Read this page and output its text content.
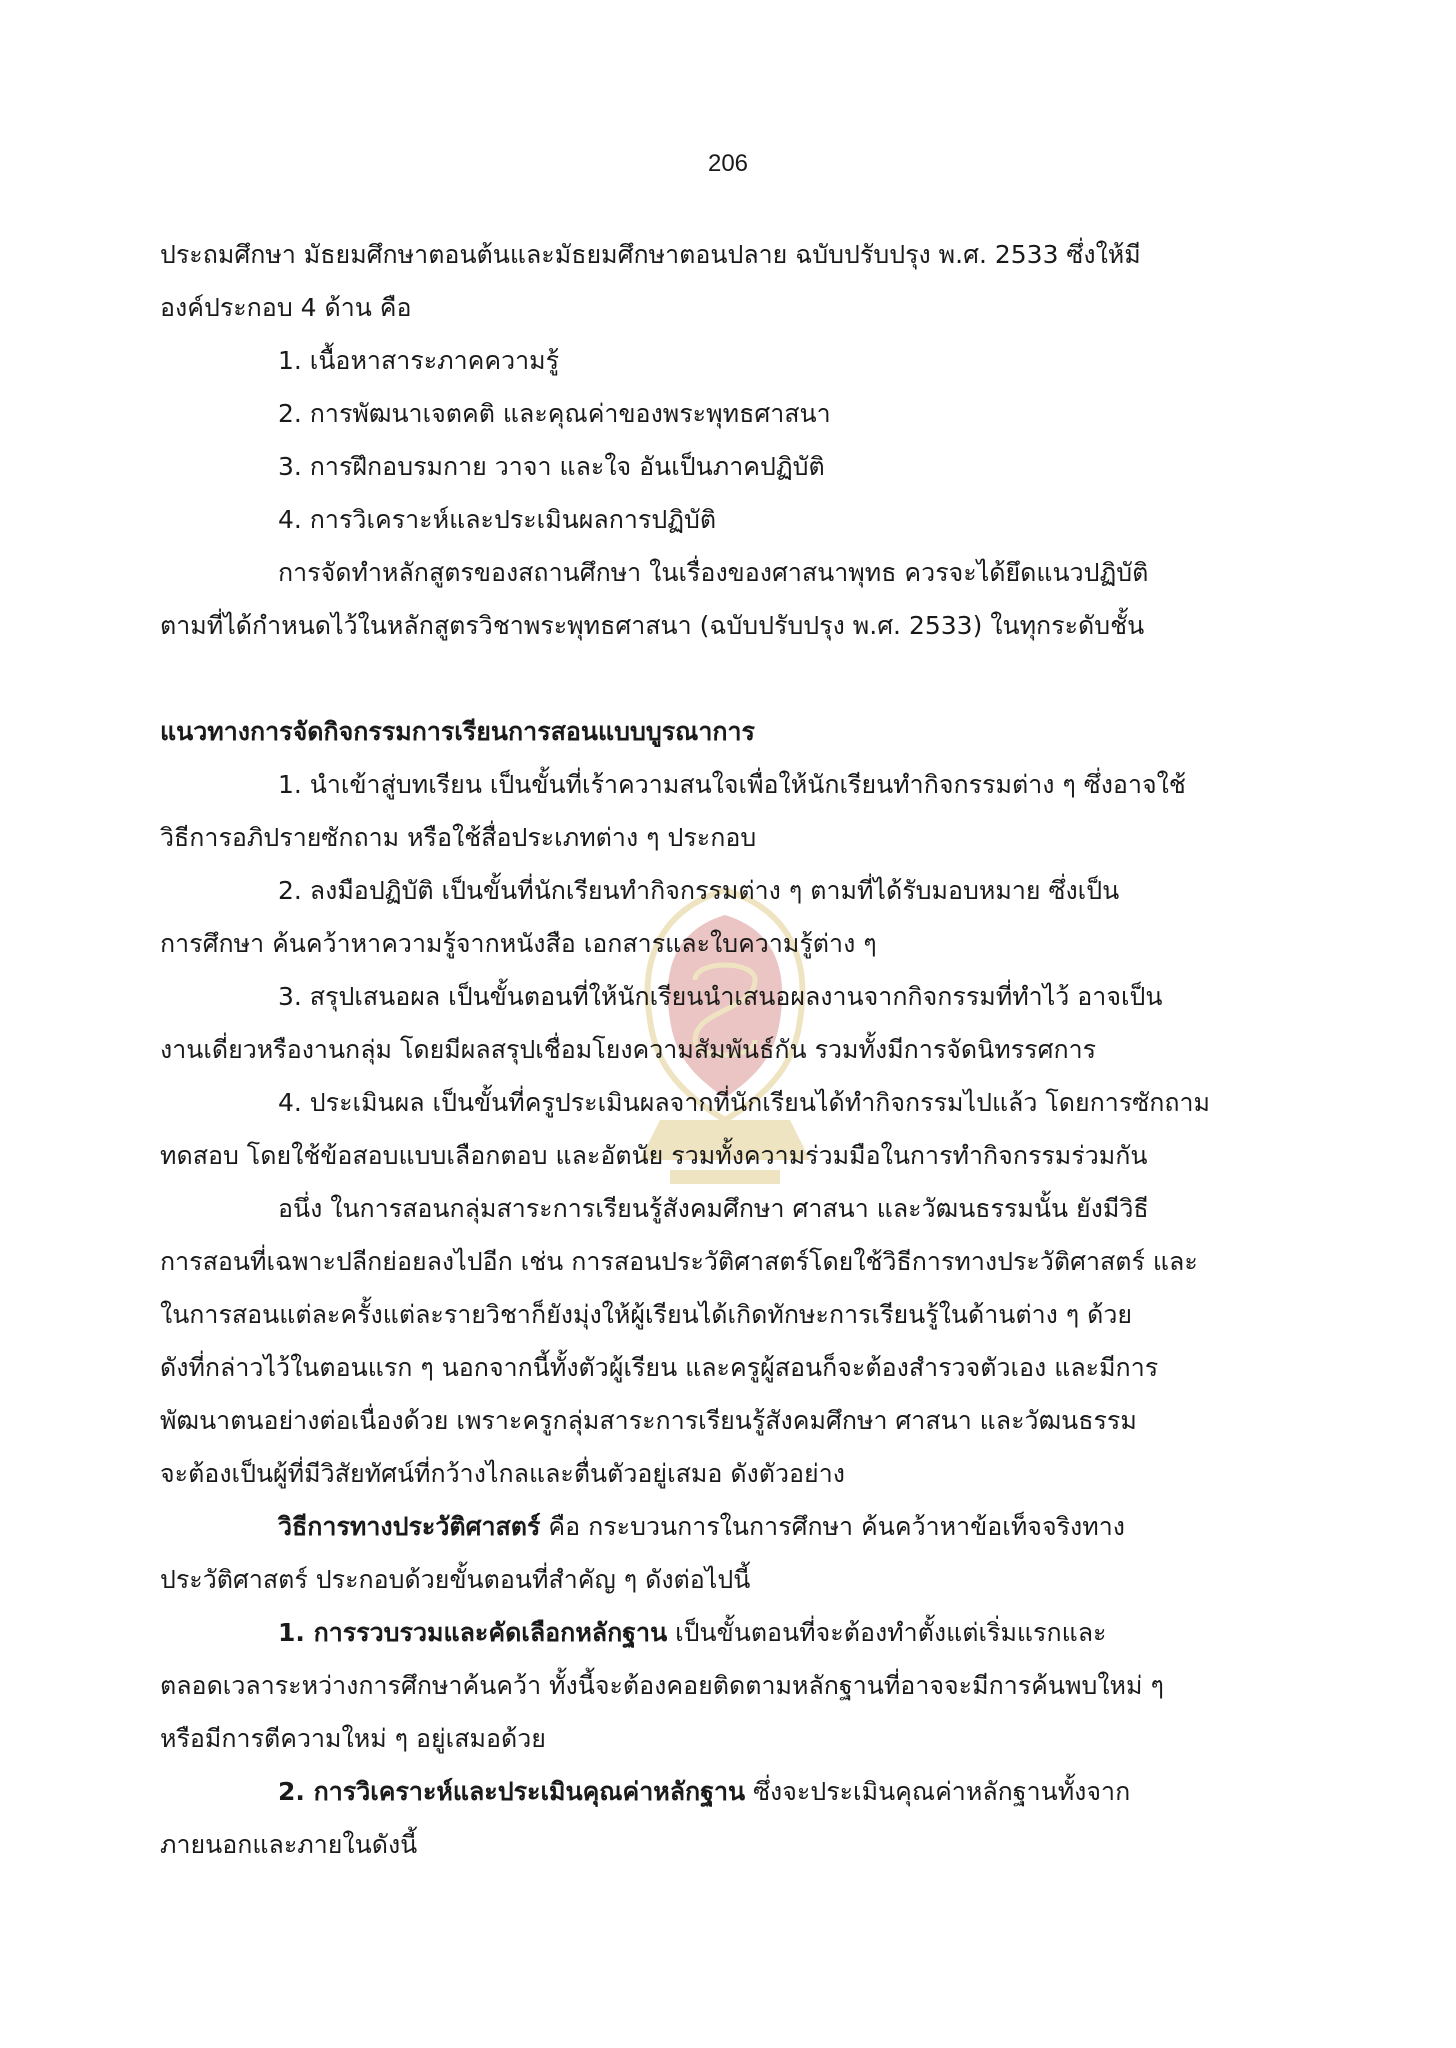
206

ประถมศึกษา มัธยมศึกษาตอนต้นและมัธยมศึกษาตอนปลาย ฉบับปรับปรุง พ.ศ. 2533 ซึ่งให้มี

องค์ประกอบ 4 ด้าน คือ

1. เนื้อหาสาระภาคความรู้

2. การพัฒนาเจตคติ และคุณค่าของพระพุทธศาสนา

3. การฝึกอบรมกาย วาจา และใจ อันเป็นภาคปฏิบัติ

4. การวิเคราะห์และประเมินผลการปฏิบัติ

การจัดทำหลักสูตรของสถานศึกษา ในเรื่องของศาสนาพุทธ ควรจะได้ยึดแนวปฏิบัติ

ตามที่ได้กำหนดไว้ในหลักสูตรวิชาพระพุทธศาสนา (ฉบับปรับปรุง พ.ศ. 2533) ในทุกระดับชั้น

แนวทางการจัดกิจกรรมการเรียนการสอนแบบบูรณาการ

1. นำเข้าสู่บทเรียน เป็นขั้นที่เร้าความสนใจเพื่อให้นักเรียนทำกิจกรรมต่าง ๆ ซึ่งอาจใช้

วิธีการอภิปรายซักถาม หรือใช้สื่อประเภทต่าง ๆ ประกอบ

2. ลงมือปฏิบัติ เป็นขั้นที่นักเรียนทำกิจกรรมต่าง ๆ ตามที่ได้รับมอบหมาย ซึ่งเป็น

การศึกษา ค้นคว้าหาความรู้จากหนังสือ เอกสารและใบความรู้ต่าง ๆ

3. สรุปเสนอผล เป็นขั้นตอนที่ให้นักเรียนนำเสนอผลงานจากกิจกรรมที่ทำไว้ อาจเป็น

งานเดี่ยวหรืองานกลุ่ม โดยมีผลสรุปเชื่อมโยงความสัมพันธ์กัน รวมทั้งมีการจัดนิทรรศการ

4. ประเมินผล เป็นขั้นที่ครูประเมินผลจากที่นักเรียนได้ทำกิจกรรมไปแล้ว โดยการซักถาม

ทดสอบ โดยใช้ข้อสอบแบบเลือกตอบ และอัตนัย รวมทั้งความร่วมมือในการทำกิจกรรมร่วมกัน

อนึ่ง ในการสอนกลุ่มสาระการเรียนรู้สังคมศึกษา ศาสนา และวัฒนธรรมนั้น ยังมีวิธี

การสอนที่เฉพาะปลีกย่อยลงไปอีก เช่น การสอนประวัติศาสตร์โดยใช้วิธีการทางประวัติศาสตร์ และ

ในการสอนแต่ละครั้งแต่ละรายวิชาก็ยังมุ่งให้ผู้เรียนได้เกิดทักษะการเรียนรู้ในด้านต่าง ๆ ด้วย

ดังที่กล่าวไว้ในตอนแรก ๆ นอกจากนี้ทั้งตัวผู้เรียน และครูผู้สอนก็จะต้องสำรวจตัวเอง และมีการ

พัฒนาตนอย่างต่อเนื่องด้วย เพราะครูกลุ่มสาระการเรียนรู้สังคมศึกษา ศาสนา และวัฒนธรรม

จะต้องเป็นผู้ที่มีวิสัยทัศน์ที่กว้างไกลและตื่นตัวอยู่เสมอ ดังตัวอย่าง

วิธีการทางประวัติศาสตร์ คือ กระบวนการในการศึกษา ค้นคว้าหาข้อเท็จจริงทาง

ประวัติศาสตร์ ประกอบด้วยขั้นตอนที่สำคัญ ๆ ดังต่อไปนี้

1. การรวบรวมและคัดเลือกหลักฐาน เป็นขั้นตอนที่จะต้องทำตั้งแต่เริ่มแรกและ

ตลอดเวลาระหว่างการศึกษาค้นคว้า ทั้งนี้จะต้องคอยติดตามหลักฐานที่อาจจะมีการค้นพบใหม่ ๆ

หรือมีการตีความใหม่ ๆ อยู่เสมอด้วย

2. การวิเคราะห์และประเมินคุณค่าหลักฐาน ซึ่งจะประเมินคุณค่าหลักฐานทั้งจาก

ภายนอกและภายในดังนี้
